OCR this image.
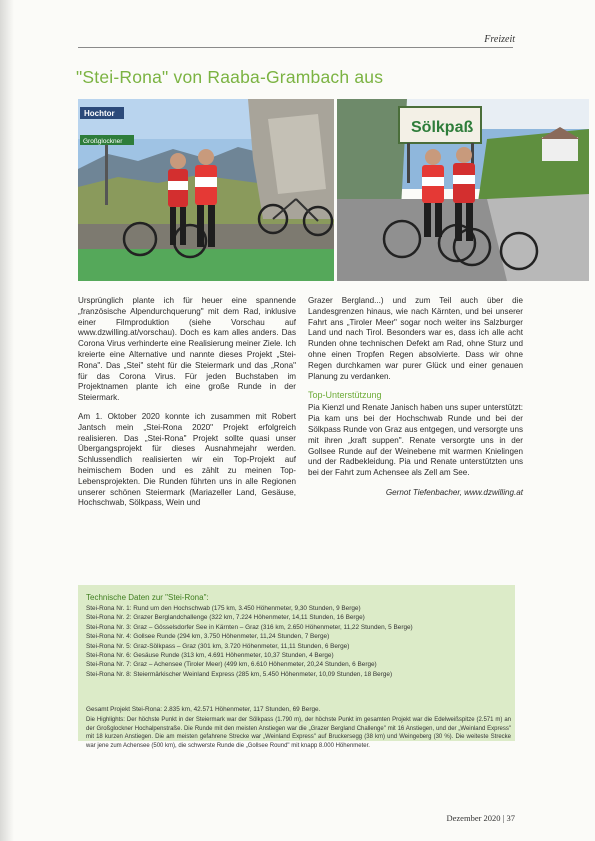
Freizeit
"Stei-Rona" von Raaba-Grambach aus
Hochtor
Großglockner
Sölkpaß

Ursprünglich plante ich für heuer eine spannende „französische Alpendurchquerung" mit dem Rad, inklusive einer Filmproduktion (siehe Vorschau auf www.dzwilling.at/vorschau). Doch es kam alles anders. Das Corona Virus verhinderte eine Realisierung meiner Ziele. Ich kreierte eine Alternative und nannte dieses Projekt „Stei-Rona". Das „Stei" steht für die Steiermark und das „Rona" für das Corona Virus. Für jeden Buchstaben im Projektnamen plante ich eine große Runde in der Steiermark.

Am 1. Oktober 2020 konnte ich zusammen mit Robert Jantsch mein „Stei-Rona 2020" Projekt erfolgreich realisieren. Das „Stei-Rona" Projekt sollte quasi unser Übergangsprojekt für dieses Ausnahmejahr werden. Schlussendlich realisierten wir ein Top-Projekt auf heimischem Boden und es zählt zu meinen Top-Lebensprojekten. Die Runden führten uns in alle Regionen unserer schönen Steiermark (Mariazeller Land, Gesäuse, Hochschwab, Sölkpass, Wein und

Grazer Bergland...) und zum Teil auch über die Landesgrenzen hinaus, wie nach Kärnten, und bei unserer Fahrt ans „Tiroler Meer" sogar noch weiter ins Salzburger Land und nach Tirol. Besonders war es, dass ich alle acht Runden ohne technischen Defekt am Rad, ohne Sturz und ohne einen Tropfen Regen absolvierte. Dass wir ohne Regen durchkamen war purer Glück und einer genauen Planung zu verdanken.

Top-Unterstützung

Pia Kienzl und Renate Janisch haben uns super unterstützt: Pia kam uns bei der Hochschwab Runde und bei der Sölkpass Runde von Graz aus entgegen, und versorgte uns mit ihren „kraft suppen". Renate versorgte uns in der Gollsee Runde auf der Weinebene mit warmen Knielingen und der Radbekleidung. Pia und Renate unterstützten uns bei der Fahrt zum Achensee als Zell am See.

Gernot Tiefenbacher, www.dzwilling.at
Technische Daten zur "Stei-Rona":
Stei-Rona Nr. 1: Rund um den Hochschwab (175 km, 3.450 Höhenmeter, 9,30 Stunden, 9 Berge)
Stei-Rona Nr. 2: Grazer Berglandchallenge (322 km, 7.224 Höhenmeter, 14,11 Stunden, 16 Berge)
Stei-Rona Nr. 3: Graz – Gösselsdorfer See in Kärnten – Graz (316 km, 2.650 Höhenmeter, 11,22 Stunden, 5 Berge)
Stei-Rona Nr. 4: Gollsee Runde (294 km, 3.750 Höhenmeter, 11,24 Stunden, 7 Berge)
Stei-Rona Nr. 5: Graz-Sölkpass – Graz (301 km, 3.720 Höhenmeter, 11,11 Stunden, 6 Berge)
Stei-Rona Nr. 6: Gesäuse Runde (313 km, 4.691 Höhenmeter, 10,37 Stunden, 4 Berge)
Stei-Rona Nr. 7: Graz – Achensee (Tiroler Meer) (499 km, 6.610 Höhenmeter, 20,24 Stunden, 6 Berge)
Stei-Rona Nr. 8: Steiermärkischer Weinland Express (285 km, 5.450 Höhenmeter, 10,09 Stunden, 18 Berge)
Gesamt Projekt Stei-Rona: 2.835 km, 42.571 Höhenmeter, 117 Stunden, 69 Berge.
Die Highlights: Der höchste Punkt in der Steiermark war der Sölkpass (1.790 m), der höchste Punkt im gesamten Projekt war die Edelweißspitze (2.571 m) an der Großglockner Hochalpenstraße. Die Runde mit den meisten Anstiegen war die „Grazer Bergland Challenge" mit 16 Anstiegen, und der „Weinland Express" mit 18 kurzen Anstiegen. Die am meisten gefahrene Strecke war „Weinland Express" auf Bruckersegg (38 km) und Weingeberg (30 %). Die weiteste Strecke war jene zum Achensee (500 km), die schwerste Runde die „Gollsee Round" mit knapp 8.000 Höhenmeter.
Dezember 2020 | 37
